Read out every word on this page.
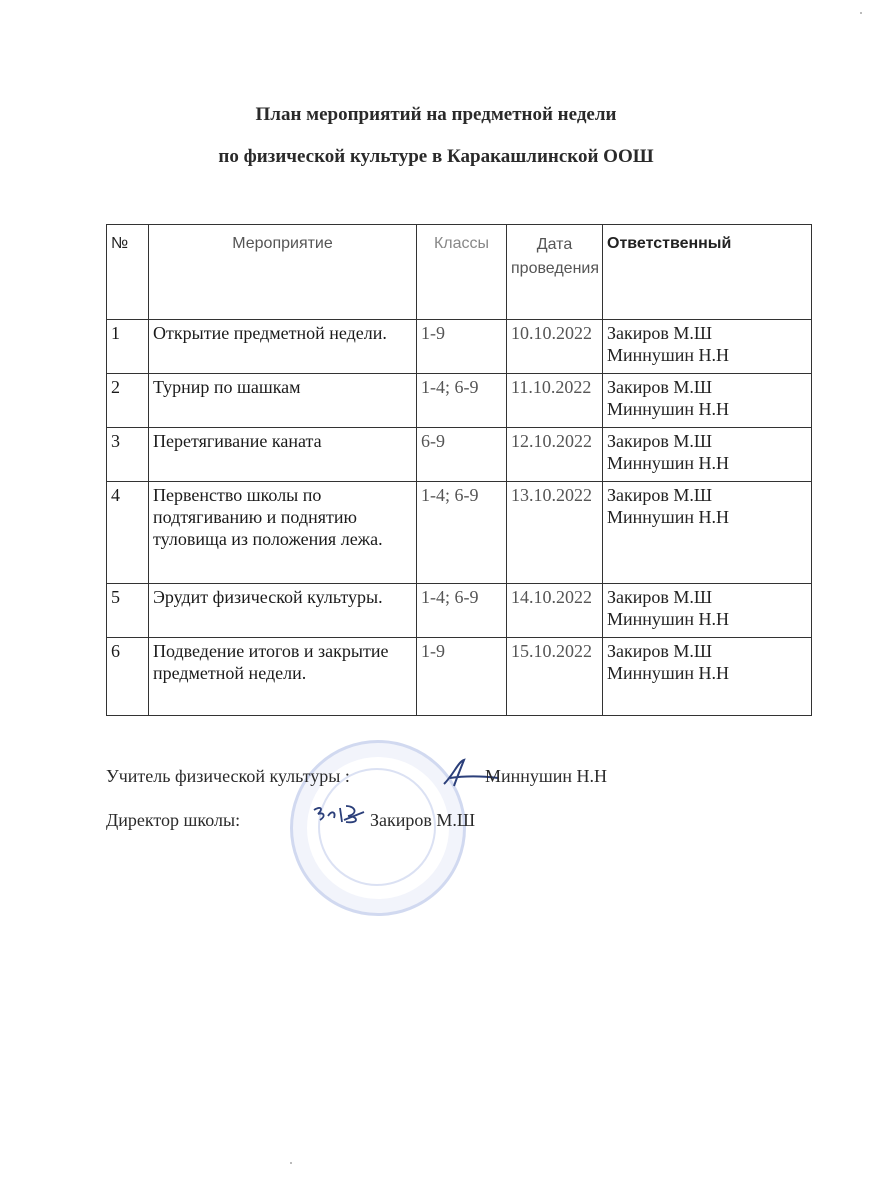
План мероприятий на предметной недели
по физической культуре в Каракашлинской ООШ
№	Мероприятие	Классы	Дата проведения	Ответственный
1	Открытие предметной недели.	1-9	10.10.2022	Закиров М.Ш
Миннушин Н.Н

2	Турнир по шашкам	1-4; 6-9	11.10.2022	Закиров М.Ш
Миннушин Н.Н

3	Перетягивание каната	6-9	12.10.2022	Закиров М.Ш
Миннушин Н.Н

4	Первенство школы по подтягиванию и поднятию туловища из положения лежа.	1-4; 6-9	13.10.2022	Закиров М.Ш
Миннушин Н.Н

5	Эрудит физической культуры.	1-4; 6-9	14.10.2022	Закиров М.Ш
Миннушин Н.Н

6	Подведение итогов и закрытие предметной недели.	1-9	15.10.2022	Закиров М.Ш
Миннушин Н.Н
Учитель физической культуры :	Миннушин Н.Н
Директор школы:	Закиров М.Ш
